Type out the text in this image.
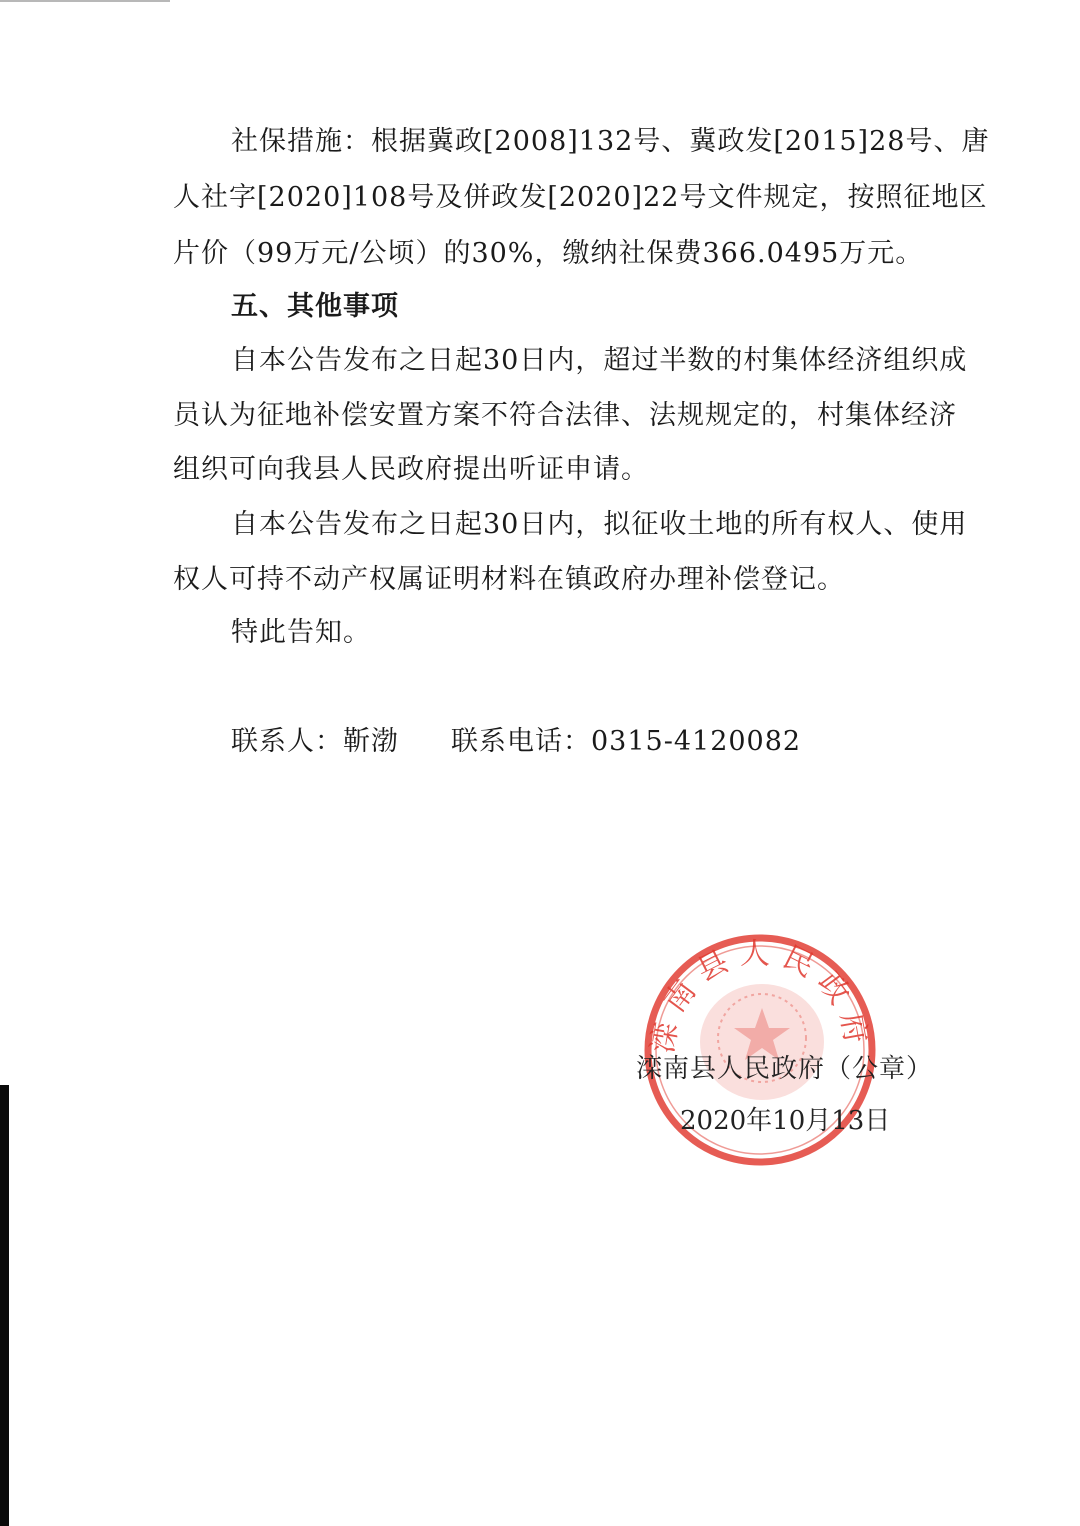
社保措施：根据冀政[2008]132号、冀政发[2015]28号、唐
人社字[2020]108号及併政发[2020]22号文件规定，按照征地区
片价（99万元/公顷）的30%，缴纳社保费366.0495万元。
五、其他事项
自本公告发布之日起30日内，超过半数的村集体经济组织成
员认为征地补偿安置方案不符合法律、法规规定的，村集体经济
组织可向我县人民政府提出听证申请。
自本公告发布之日起30日内，拟征收土地的所有权人、使用
权人可持不动产权属证明材料在镇政府办理补偿登记。
特此告知。
联系人：靳渤 联系电话：0315-4120082
滦南县人民政府
滦南县人民政府（公章）
2020年10月13日
